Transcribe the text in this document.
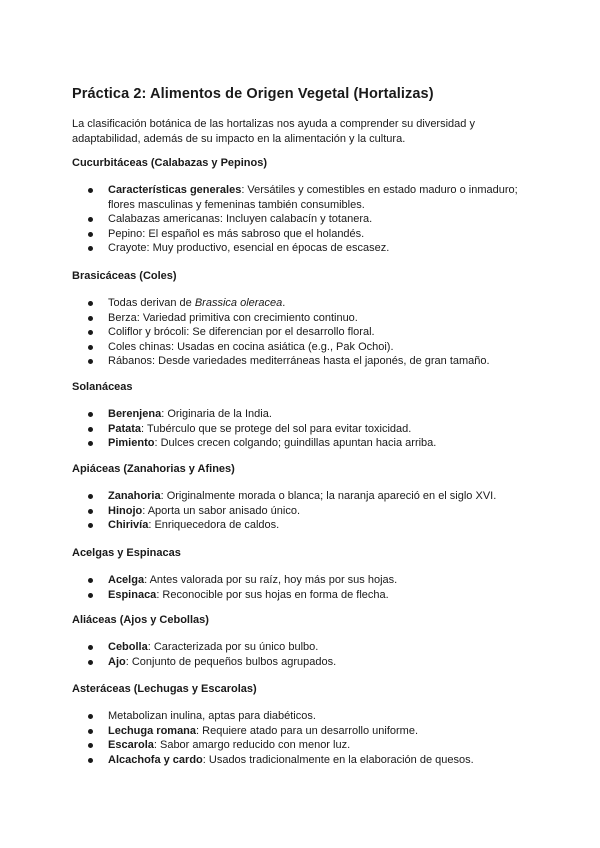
Práctica 2: Alimentos de Origen Vegetal (Hortalizas)

La clasificación botánica de las hortalizas nos ayuda a comprender su diversidad y adaptabilidad, además de su impacto en la alimentación y la cultura.

Cucurbitáceas (Calabazas y Pepinos)
Características generales: Versátiles y comestibles en estado maduro o inmaduro; flores masculinas y femeninas también consumibles.
Calabazas americanas: Incluyen calabacín y totanera.
Pepino: El español es más sabroso que el holandés.
Crayote: Muy productivo, esencial en épocas de escasez.
Brasicáceas (Coles)
Todas derivan de Brassica oleracea.
Berza: Variedad primitiva con crecimiento continuo.
Coliflor y brócoli: Se diferencian por el desarrollo floral.
Coles chinas: Usadas en cocina asiática (e.g., Pak Ochoi).
Rábanos: Desde variedades mediterráneas hasta el japonés, de gran tamaño.
Solanáceas
Berenjena: Originaria de la India.
Patata: Tubérculo que se protege del sol para evitar toxicidad.
Pimiento: Dulces crecen colgando; guindillas apuntan hacia arriba.
Apiáceas (Zanahorias y Afines)
Zanahoria: Originalmente morada o blanca; la naranja apareció en el siglo XVI.
Hinojo: Aporta un sabor anisado único.
Chirivía: Enriquecedora de caldos.
Acelgas y Espinacas
Acelga: Antes valorada por su raíz, hoy más por sus hojas.
Espinaca: Reconocible por sus hojas en forma de flecha.
Aliáceas (Ajos y Cebollas)
Cebolla: Caracterizada por su único bulbo.
Ajo: Conjunto de pequeños bulbos agrupados.
Asteráceas (Lechugas y Escarolas)
Metabolizan inulina, aptas para diabéticos.
Lechuga romana: Requiere atado para un desarrollo uniforme.
Escarola: Sabor amargo reducido con menor luz.
Alcachofa y cardo: Usados tradicionalmente en la elaboración de quesos.
